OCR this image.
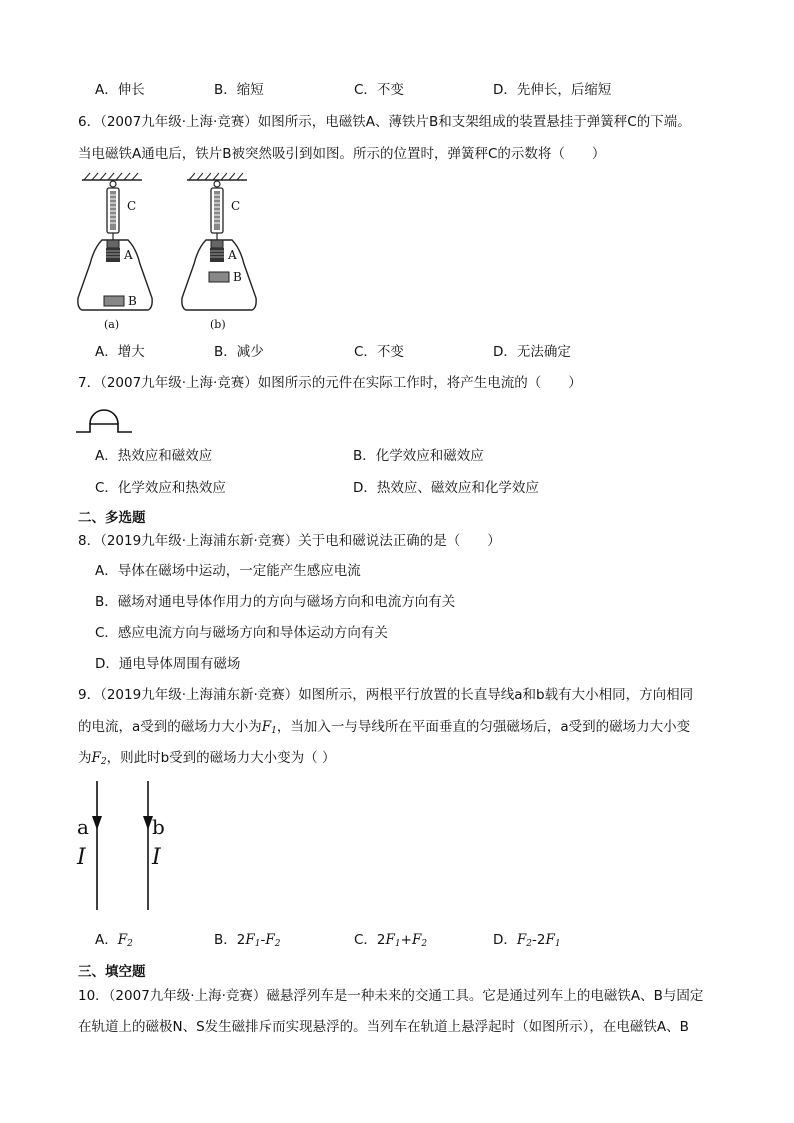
A．伸长	B．缩短	C．不变	D．先伸长，后缩短
6．（2007九年级·上海·竞赛）如图所示，电磁铁A、薄铁片B和支架组成的装置悬挂于弹簧秤C的下端。
当电磁铁A通电后，铁片B被突然吸引到如图。所示的位置时，弹簧秤C的示数将（　　）
C
A
B
(a)
C
A
B
(b)
A．增大	B．减少	C．不变	D．无法确定
7．（2007九年级·上海·竞赛）如图所示的元件在实际工作时，将产生电流的（　　）
A．热效应和磁效应	B．化学效应和磁效应
C．化学效应和热效应	D．热效应、磁效应和化学效应
二、多选题
8．（2019九年级·上海浦东新·竞赛）关于电和磁说法正确的是（　　）
A．导体在磁场中运动，一定能产生感应电流
B．磁场对通电导体作用力的方向与磁场方向和电流方向有关
C．感应电流方向与磁场方向和导体运动方向有关
D．通电导体周围有磁场
9．（2019九年级·上海浦东新·竞赛）如图所示，两根平行放置的长直导线a和b载有大小相同，方向相同
的电流，a受到的磁场力大小为$F_1$，当加入一与导线所在平面垂直的匀强磁场后，a受到的磁场力大小变
为$F_2$，则此时b受到的磁场力大小变为（ ）
a
I
b
I
A．$F_2$	B．$2F_1-F_2$	C．$2F_1+F_2$	D．$F_2-2F_1$
三、填空题
10．（2007九年级·上海·竞赛）磁悬浮列车是一种未来的交通工具。它是通过列车上的电磁铁A、B与固定
在轨道上的磁极N、S发生磁排斥而实现悬浮的。当列车在轨道上悬浮起时（如图所示），在电磁铁A、B
